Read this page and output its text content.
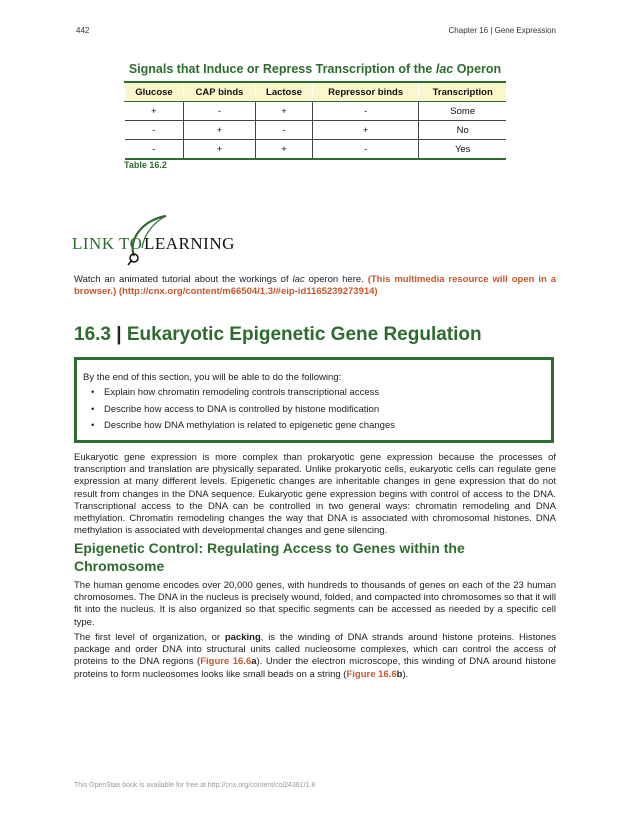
442	Chapter 16 | Gene Expression
Signals that Induce or Repress Transcription of the lac Operon
Glucose	CAP binds	Lactose	Repressor binds	Transcription
+	-	+	-	Some
-	+	-	+	No
-	+	+	-	Yes
Table 16.2
LINK TO LEARNING
Watch an animated tutorial about the workings of lac operon here. (This multimedia resource will open in a browser.) (http://cnx.org/content/m66504/1.3/#eip-id1165239273914)
16.3 | Eukaryotic Epigenetic Gene Regulation
By the end of this section, you will be able to do the following:
• Explain how chromatin remodeling controls transcriptional access
• Describe how access to DNA is controlled by histone modification
• Describe how DNA methylation is related to epigenetic gene changes
Eukaryotic gene expression is more complex than prokaryotic gene expression because the processes of transcription and translation are physically separated. Unlike prokaryotic cells, eukaryotic cells can regulate gene expression at many different levels. Epigenetic changes are inheritable changes in gene expression that do not result from changes in the DNA sequence. Eukaryotic gene expression begins with control of access to the DNA. Transcriptional access to the DNA can be controlled in two general ways: chromatin remodeling and DNA methylation. Chromatin remodeling changes the way that DNA is associated with chromosomal histones. DNA methylation is associated with developmental changes and gene silencing.
Epigenetic Control: Regulating Access to Genes within the Chromosome
The human genome encodes over 20,000 genes, with hundreds to thousands of genes on each of the 23 human chromosomes. The DNA in the nucleus is precisely wound, folded, and compacted into chromosomes so that it will fit into the nucleus. It is also organized so that specific segments can be accessed as needed by a specific cell type.
The first level of organization, or packing, is the winding of DNA strands around histone proteins. Histones package and order DNA into structural units called nucleosome complexes, which can control the access of proteins to the DNA regions (Figure 16.6a). Under the electron microscope, this winding of DNA around histone proteins to form nucleosomes looks like small beads on a string (Figure 16.6b).
This OpenStax book is available for free at http://cnx.org/content/col24361/1.8
